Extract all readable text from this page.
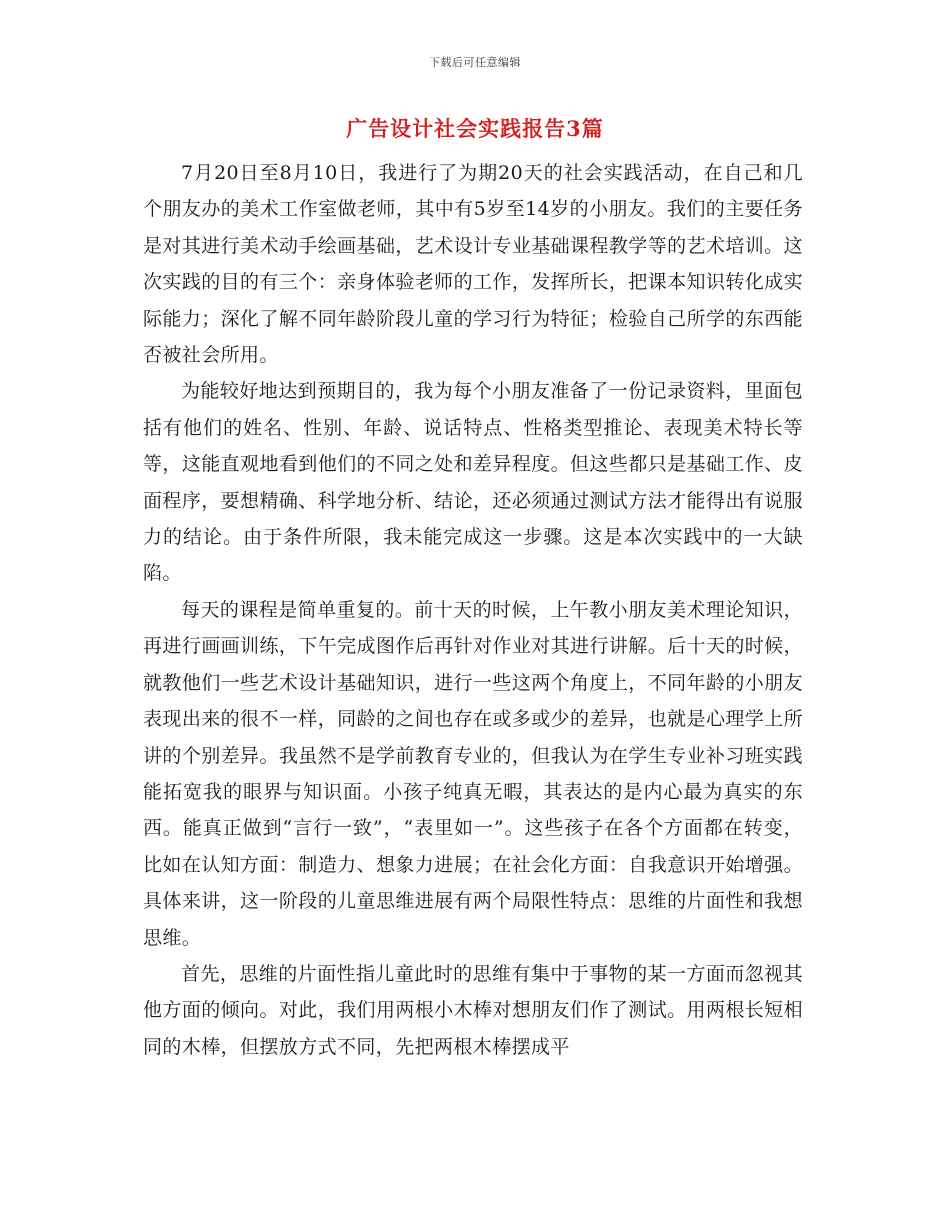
下载后可任意编辑
广告设计社会实践报告3篇

7月20日至8月10日，我进行了为期20天的社会实践活动，在自己和几个朋友办的美术工作室做老师，其中有5岁至14岁的小朋友。我们的主要任务是对其进行美术动手绘画基础，艺术设计专业基础课程教学等的艺术培训。这次实践的目的有三个：亲身体验老师的工作，发挥所长，把课本知识转化成实际能力；深化了解不同年龄阶段儿童的学习行为特征；检验自己所学的东西能否被社会所用。

为能较好地达到预期目的，我为每个小朋友准备了一份记录资料，里面包括有他们的姓名、性别、年龄、说话特点、性格类型推论、表现美术特长等等，这能直观地看到他们的不同之处和差异程度。但这些都只是基础工作、皮面程序，要想精确、科学地分析、结论，还必须通过测试方法才能得出有说服力的结论。由于条件所限，我未能完成这一步骤。这是本次实践中的一大缺陷。

每天的课程是简单重复的。前十天的时候，上午教小朋友美术理论知识，再进行画画训练，下午完成图作后再针对作业对其进行讲解。后十天的时候，就教他们一些艺术设计基础知识，进行一些这两个角度上，不同年龄的小朋友表现出来的很不一样，同龄的之间也存在或多或少的差异，也就是心理学上所讲的个别差异。我虽然不是学前教育专业的，但我认为在学生专业补习班实践能拓宽我的眼界与知识面。小孩子纯真无暇，其表达的是内心最为真实的东西。能真正做到“言行一致”，“表里如一”。这些孩子在各个方面都在转变，比如在认知方面：制造力、想象力进展；在社会化方面：自我意识开始增强。具体来讲，这一阶段的儿童思维进展有两个局限性特点：思维的片面性和我想思维。

首先，思维的片面性指儿童此时的思维有集中于事物的某一方面而忽视其他方面的倾向。对此，我们用两根小木棒对想朋友们作了测试。用两根长短相同的木棒，但摆放方式不同，先把两根木棒摆成平
